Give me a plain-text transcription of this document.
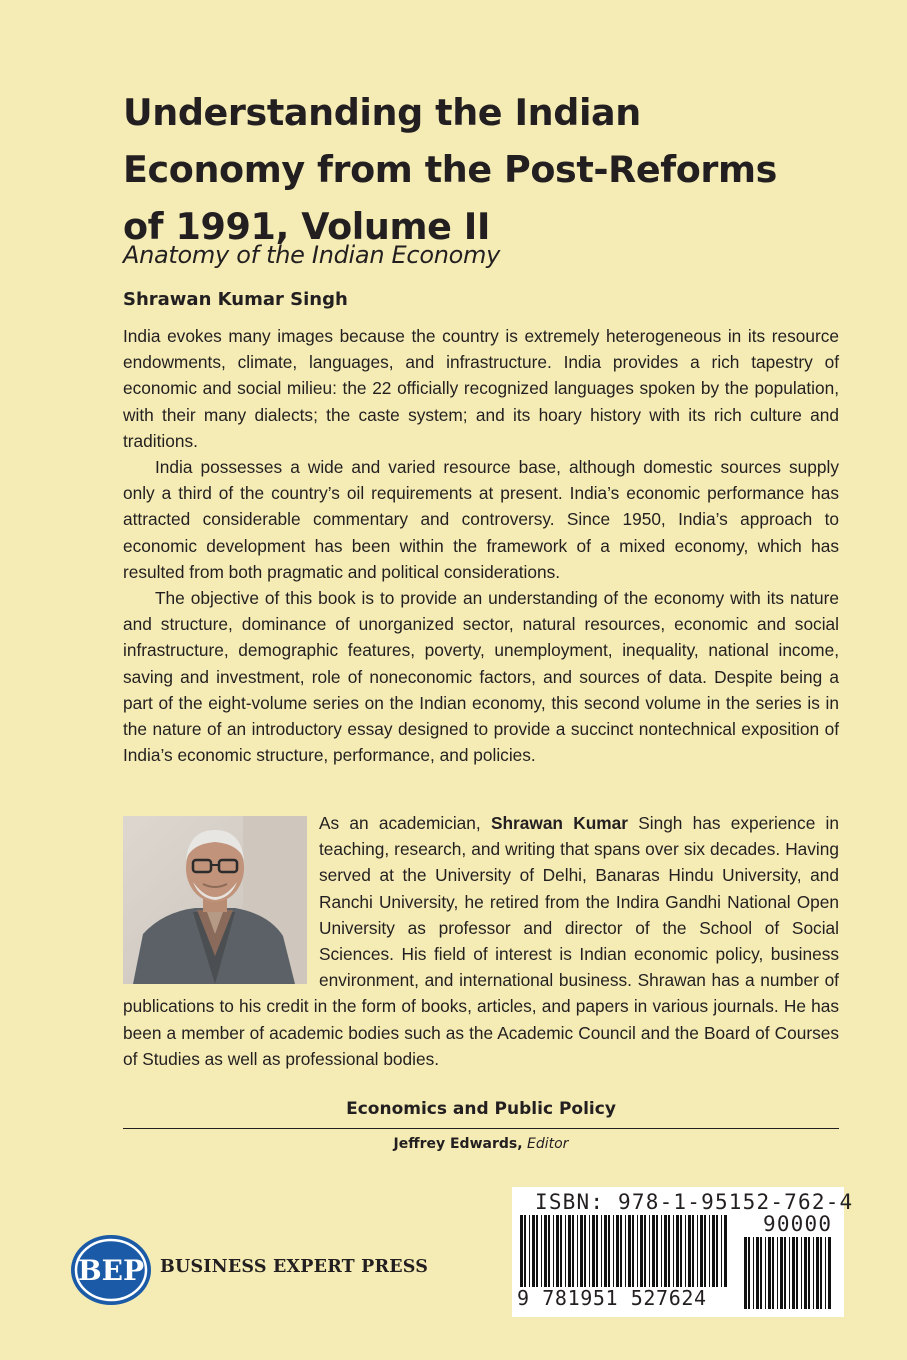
Understanding the Indian
Economy from the Post-Reforms
of 1991, Volume II
Anatomy of the Indian Economy
Shrawan Kumar Singh

India evokes many images because the country is extremely heterogeneous in its resource endowments, climate, languages, and infrastructure. India provides a rich tapestry of economic and social milieu: the 22 officially recognized languages spoken by the population, with their many dialects; the caste system; and its hoary history with its rich culture and traditions.

India possesses a wide and varied resource base, although domestic sources supply only a third of the country’s oil requirements at present. India’s economic performance has attracted considerable commentary and controversy. Since 1950, India’s approach to economic development has been within the framework of a mixed economy, which has resulted from both pragmatic and political considerations.

The objective of this book is to provide an understanding of the economy with its nature and structure, dominance of unorganized sector, natural resources, economic and social infrastructure, demographic features, poverty, unemployment, inequality, national income, saving and investment, role of noneconomic factors, and sources of data. Despite being a part of the eight-volume series on the Indian economy, this second volume in the series is in the nature of an introductory essay designed to provide a succinct nontechnical exposition of India’s economic structure, performance, and policies.

As an academician, Shrawan Kumar Singh has experience in teaching, research, and writing that spans over six decades. Having served at the University of Delhi, Banaras Hindu University, and Ranchi University, he retired from the Indira Gandhi National Open University as professor and director of the School of Social Sciences. His field of interest is Indian economic policy, business environment, and international business. Shrawan has a number of publications to his credit in the form of books, articles, and papers in various journals. He has been a member of academic bodies such as the Academic Council and the Board of Courses of Studies as well as professional bodies.
Economics and Public Policy
Jeffrey Edwards, Editor
BEP BUSINESS EXPERT PRESS
ISBN: 978-1-95152-762-4
90000
9 781951 527624
